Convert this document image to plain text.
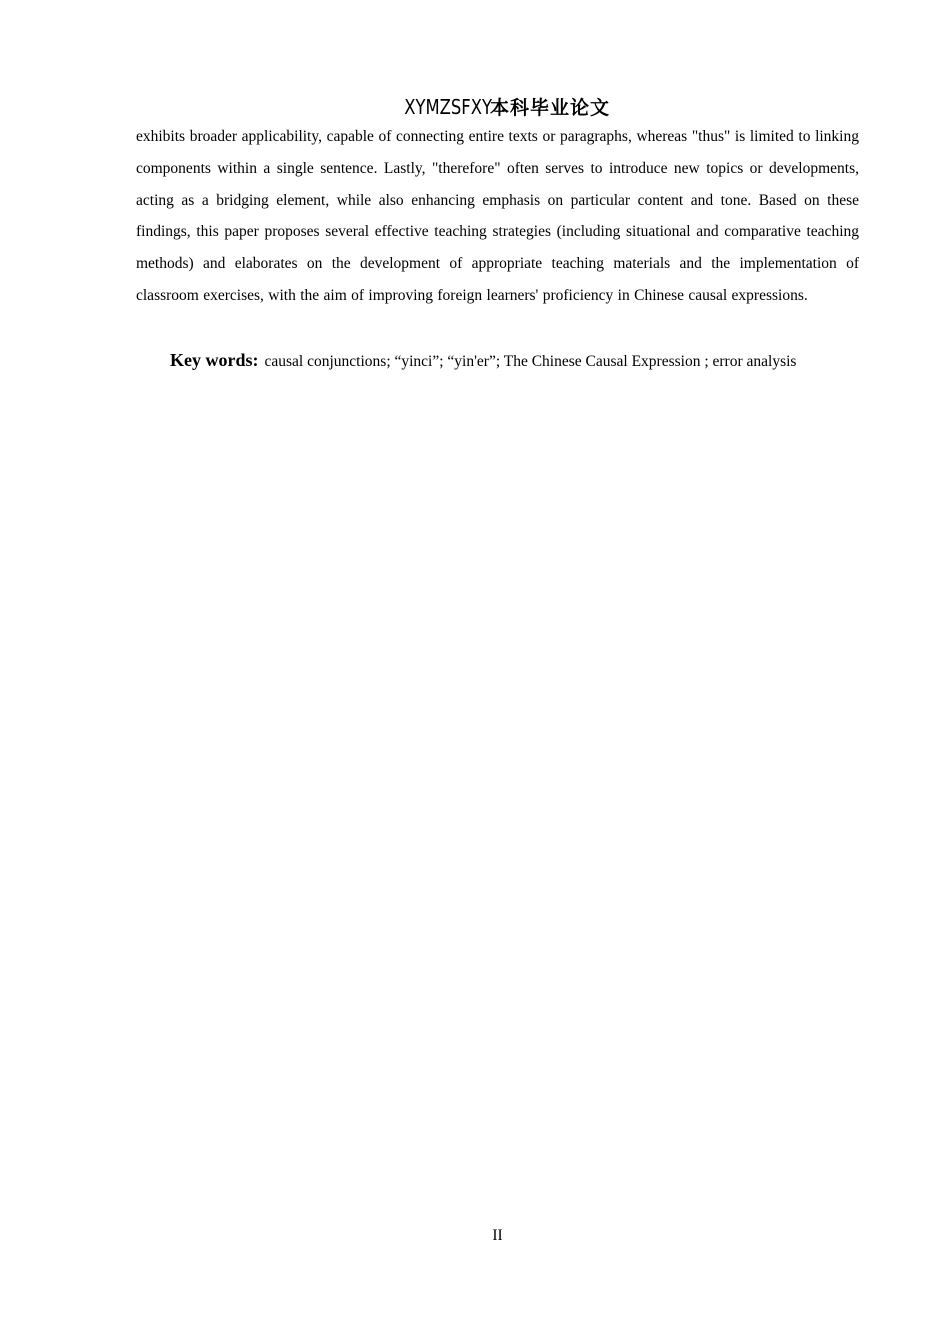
XYMZSFXY本科毕业论文

exhibits broader applicability, capable of connecting entire texts or paragraphs, whereas "thus" is limited to linking components within a single sentence. Lastly, "therefore" often serves to introduce new topics or developments, acting as a bridging element, while also enhancing emphasis on particular content and tone. Based on these findings, this paper proposes several effective teaching strategies (including situational and comparative teaching methods) and elaborates on the development of appropriate teaching materials and the implementation of classroom exercises, with the aim of improving foreign learners' proficiency in Chinese causal expressions.

Key words: causal conjunctions; “yinci”; “yin'er”; The Chinese Causal Expression ; error analysis

II
